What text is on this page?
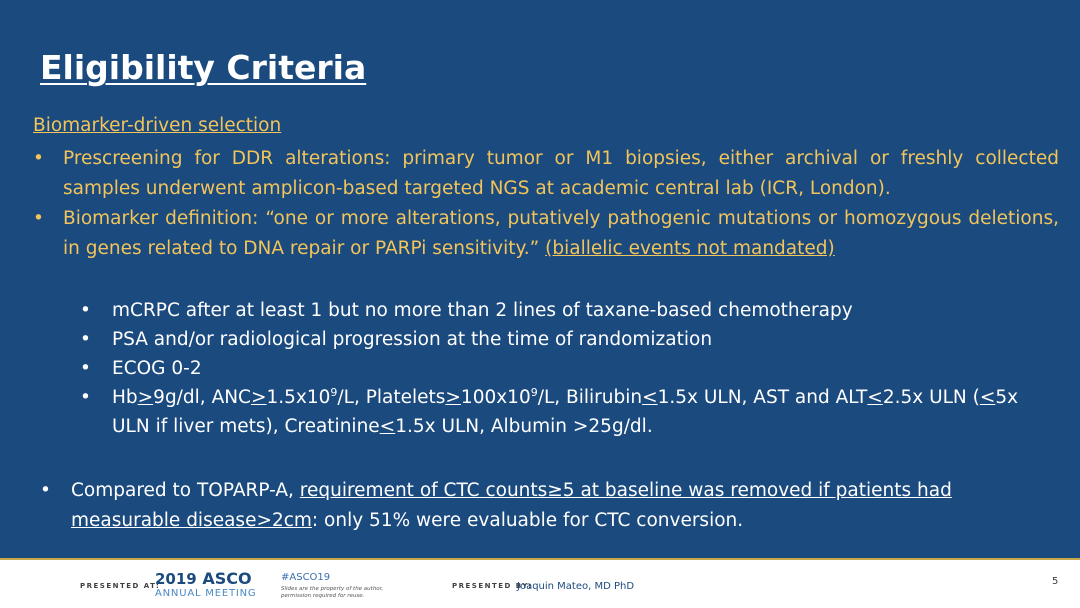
Eligibility Criteria
Biomarker-driven selection
• Prescreening for DDR alterations: primary tumor or M1 biopsies, either archival or freshly collected samples underwent amplicon-based targeted NGS at academic central lab (ICR, London).
• Biomarker definition: “one or more alterations, putatively pathogenic mutations or homozygous deletions, in genes related to DNA repair or PARPi sensitivity.” (biallelic events not mandated)
• mCRPC after at least 1 but no more than 2 lines of taxane-based chemotherapy
• PSA and/or radiological progression at the time of randomization
• ECOG 0-2
• Hb>9g/dl, $ANC>1.5x10^9/L$, $Platelets>100x10^9/L$, Bilirubin<1.5x ULN, AST and ALT<2.5x ULN (<5x ULN if liver mets), Creatinine<1.5x ULN, Albumin >25g/dl.
•	Compared to TOPARP-A, requirement of CTC counts≥5 at baseline was removed if patients had measurable disease>2cm: only 51% were evaluable for CTC conversion.
PRESENTED AT:
2019 ASCO
ANNUAL MEETING
#ASCO19
Slides are the property of the author,
permission required for reuse.
PRESENTED BY:
Joaquin Mateo, MD PhD	5
